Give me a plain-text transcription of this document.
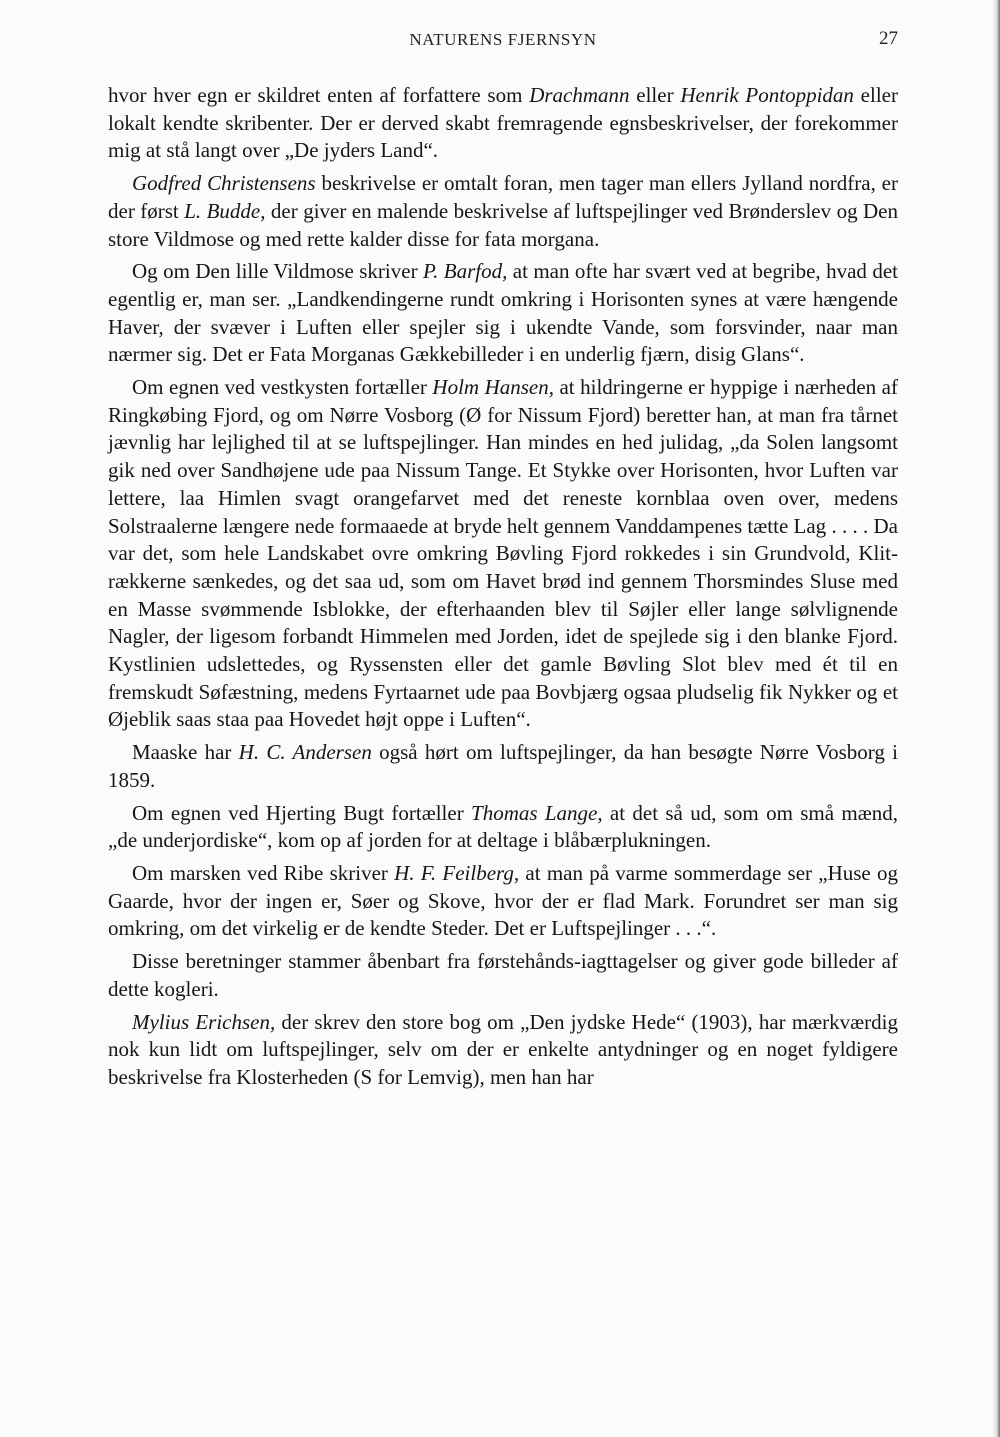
NATURENS FJERNSYN	27

hvor hver egn er skildret enten af forfattere som Drachmann eller Henrik Pontoppidan eller lokalt kendte skribenter. Der er derved skabt fremragende egnsbeskrivelser, der forekommer mig at stå langt over „De jyders Land“.

Godfred Christensens beskrivelse er omtalt foran, men tager man ellers Jylland nordfra, er der først L. Budde, der giver en malende beskrivelse af luftspejlinger ved Brønderslev og Den store Vildmose og med rette kalder disse for fata morgana.

Og om Den lille Vildmose skriver P. Barfod, at man ofte har svært ved at begribe, hvad det egentlig er, man ser. „Landkendingerne rundt omkring i Horisonten synes at være hængende Haver, der svæver i Luften eller spejler sig i ukendte Vande, som forsvinder, naar man nærmer sig. Det er Fata Morganas Gækkebilleder i en underlig fjærn, disig Glans“.

Om egnen ved vestkysten fortæller Holm Hansen, at hildringerne er hyppige i nærheden af Ringkøbing Fjord, og om Nørre Vosborg (Ø for Nissum Fjord) beretter han, at man fra tårnet jævnlig har lejlighed til at se luftspejlinger. Han mindes en hed julidag, „da Solen langsomt gik ned over Sandhøjene ude paa Nissum Tange. Et Stykke over Horisonten, hvor Luften var lettere, laa Himlen svagt orangefarvet med det reneste kornblaa oven over, medens Solstraalerne længere nede formaaede at bryde helt gennem Vanddampenes tætte Lag . . . . Da var det, som hele Landskabet ovre omkring Bøvling Fjord rokkedes i sin Grundvold, Klitrækkerne sænkedes, og det saa ud, som om Havet brød ind gennem Thorsmindes Sluse med en Masse svømmende Isblokke, der efterhaanden blev til Søjler eller lange sølvlignende Nagler, der ligesom forbandt Himmelen med Jorden, idet de spejlede sig i den blanke Fjord. Kystlinien udslettedes, og Ryssensten eller det gamle Bøvling Slot blev med ét til en fremskudt Søfæstning, medens Fyrtaarnet ude paa Bovbjærg ogsaa pludselig fik Nykker og et Øjeblik saas staa paa Hovedet højt oppe i Luften“.

Maaske har H. C. Andersen også hørt om luftspejlinger, da han besøgte Nørre Vosborg i 1859.

Om egnen ved Hjerting Bugt fortæller Thomas Lange, at det så ud, som om små mænd, „de underjordiske“, kom op af jorden for at deltage i blåbærplukningen.

Om marsken ved Ribe skriver H. F. Feilberg, at man på varme sommerdage ser „Huse og Gaarde, hvor der ingen er, Søer og Skove, hvor der er flad Mark. Forundret ser man sig omkring, om det virkelig er de kendte Steder. Det er Luftspejlinger . . .“.

Disse beretninger stammer åbenbart fra førstehånds-iagttagelser og giver gode billeder af dette kogleri.

Mylius Erichsen, der skrev den store bog om „Den jydske Hede“ (1903), har mærkværdig nok kun lidt om luftspejlinger, selv om der er enkelte antydninger og en noget fyldigere beskrivelse fra Klosterheden (S for Lemvig), men han har
